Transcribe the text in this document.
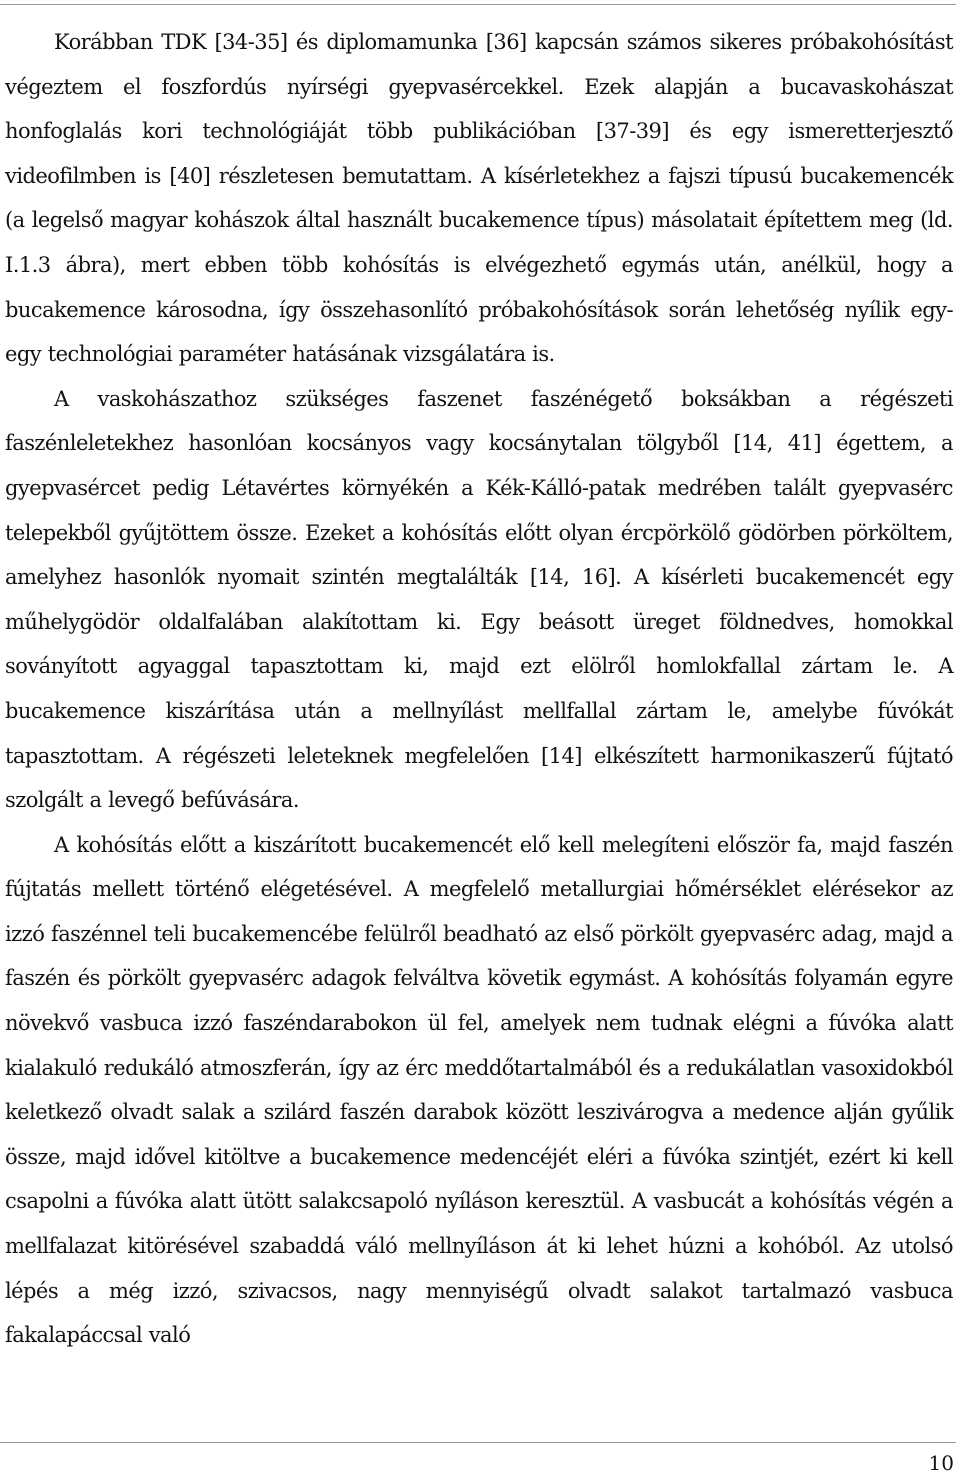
Korábban TDK [34-35] és diplomamunka [36] kapcsán számos sikeres próbakohósítást végeztem el foszfordús nyírségi gyepvasércekkel. Ezek alapján a bucavaskohászat honfoglalás kori technológiáját több publikációban [37-39] és egy ismeretterjesztő videofilmben is [40] részletesen bemutattam. A kísérletekhez a fajszi típusú bucakemencék (a legelső magyar kohászok által használt bucakemence típus) másolatait építettem meg (ld. I.1.3 ábra), mert ebben több kohósítás is elvégezhető egymás után, anélkül, hogy a bucakemence károsodna, így összehasonlító próbakohósítások során lehetőség nyílik egy-egy technológiai paraméter hatásának vizsgálatára is.

A vaskohászathoz szükséges faszenet faszénégető boksákban a régészeti faszénleletekhez hasonlóan kocsányos vagy kocsánytalan tölgyből [14, 41] égettem, a gyepvasércet pedig Létavértes környékén a Kék-Kálló-patak medrében talált gyepvasérc telepekből gyűjtöttem össze. Ezeket a kohósítás előtt olyan ércpörkölő gödörben pörköltem, amelyhez hasonlók nyomait szintén megtalálták [14, 16]. A kísérleti bucakemencét egy műhelygödör oldalfalában alakítottam ki. Egy beásott üreget földnedves, homokkal soványított agyaggal tapasztottam ki, majd ezt elölről homlokfallal zártam le. A bucakemence kiszárítása után a mellnyílást mellfallal zártam le, amelybe fúvókát tapasztottam. A régészeti leleteknek megfelelően [14] elkészített harmonikaszerű fújtató szolgált a levegő befúvására.

A kohósítás előtt a kiszárított bucakemencét elő kell melegíteni először fa, majd faszén fújtatás mellett történő elégetésével. A megfelelő metallurgiai hőmérséklet elérésekor az izzó faszénnel teli bucakemencébe felülről beadható az első pörkölt gyepvasérc adag, majd a faszén és pörkölt gyepvasérc adagok felváltva követik egymást. A kohósítás folyamán egyre növekvő vasbuca izzó faszéndarabokon ül fel, amelyek nem tudnak elégni a fúvóka alatt kialakuló redukáló atmoszferán, így az érc meddőtartalmából és a redukálatlan vasoxidokból keletkező olvadt salak a szilárd faszén darabok között leszivárogva a medence alján gyűlik össze, majd idővel kitöltve a bucakemence medencéjét eléri a fúvóka szintjét, ezért ki kell csapolni a fúvóka alatt ütött salakcsapoló nyíláson keresztül. A vasbucát a kohósítás végén a mellfalazat kitörésével szabaddá váló mellnyíláson át ki lehet húzni a kohóból. Az utolsó lépés a még izzó, szivacsos, nagy mennyiségű olvadt salakot tartalmazó vasbuca fakalapáccsal való

10
